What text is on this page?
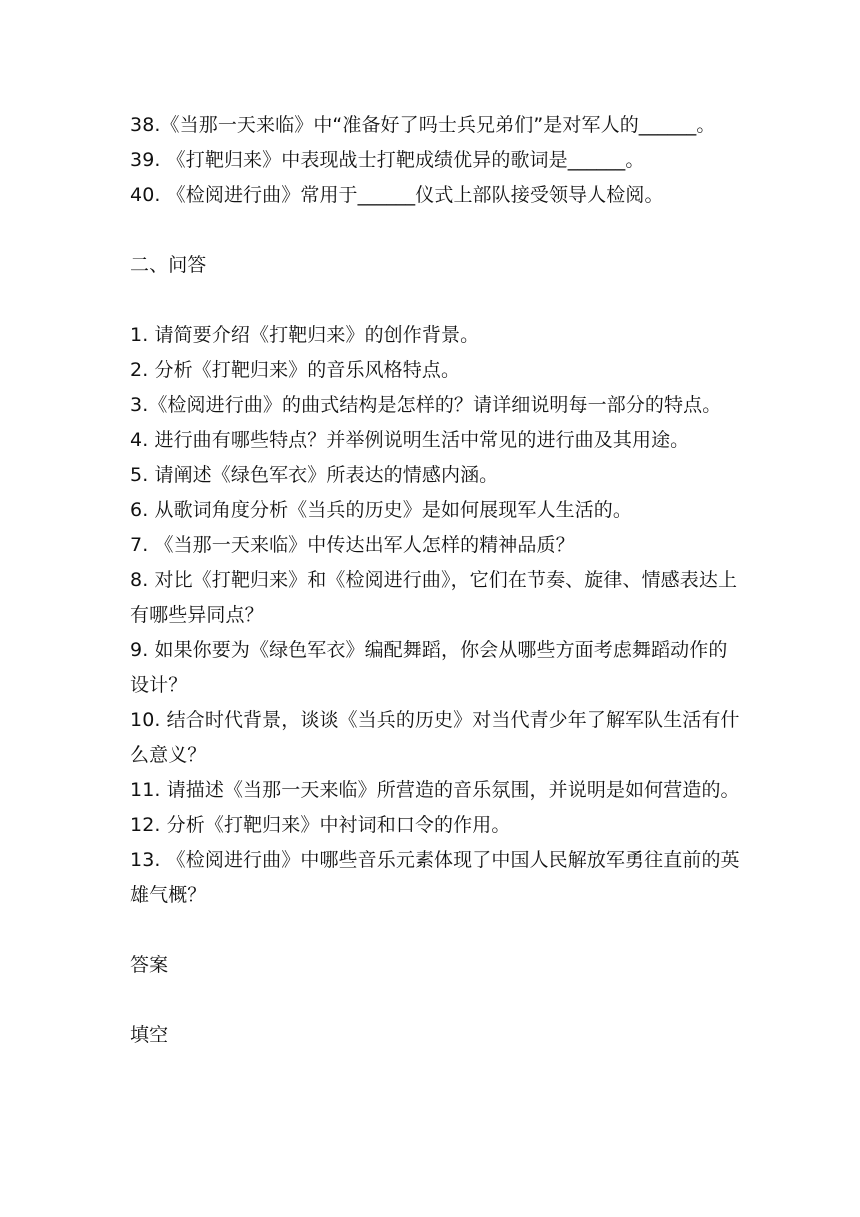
38.《当那一天来临》中“准备好了吗士兵兄弟们”是对军人的______。
39. 《打靶归来》中表现战士打靶成绩优异的歌词是______。
40. 《检阅进行曲》常用于______仪式上部队接受领导人检阅。
二、问答
1. 请简要介绍《打靶归来》的创作背景。
2. 分析《打靶归来》的音乐风格特点。
3.《检阅进行曲》的曲式结构是怎样的？请详细说明每一部分的特点。
4. 进行曲有哪些特点？并举例说明生活中常见的进行曲及其用途。
5. 请阐述《绿色军衣》所表达的情感内涵。
6. 从歌词角度分析《当兵的历史》是如何展现军人生活的。
7. 《当那一天来临》中传达出军人怎样的精神品质？
8. 对比《打靶归来》和《检阅进行曲》，它们在节奏、旋律、情感表达上有哪些异同点？
9. 如果你要为《绿色军衣》编配舞蹈，你会从哪些方面考虑舞蹈动作的设计？
10. 结合时代背景，谈谈《当兵的历史》对当代青少年了解军队生活有什么意义？
11. 请描述《当那一天来临》所营造的音乐氛围，并说明是如何营造的。
12. 分析《打靶归来》中衬词和口令的作用。
13. 《检阅进行曲》中哪些音乐元素体现了中国人民解放军勇往直前的英雄气概？
答案
填空
